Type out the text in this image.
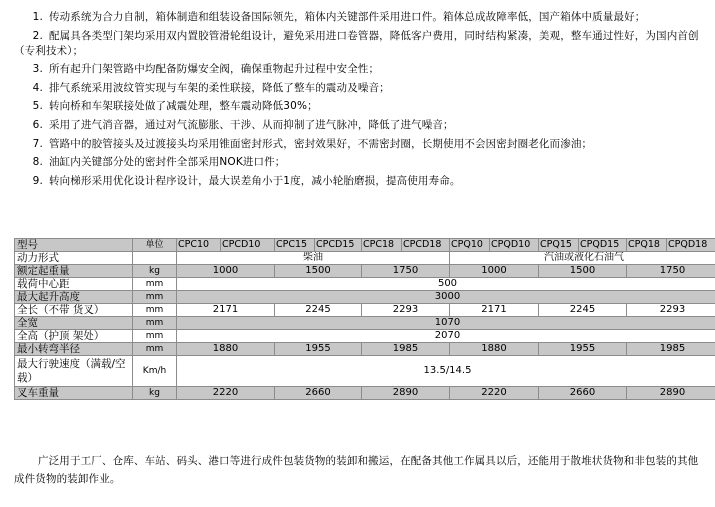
1. 传动系统为合力自制，箱体制造和组装设备国际领先，箱体内关键部件采用进口件。箱体总成故障率低，国产箱体中质量最好；
2. 配属具各类型门架均采用双内置胶管滑轮组设计，避免采用进口卷管器，降低客户费用，同时结构紧凑，美观，整车通过性好，为国内首创（专利技术）；
3. 所有起升门架管路中均配备防爆安全阀，确保重物起升过程中安全性；
4. 排气系统采用波纹管实现与车架的柔性联接，降低了整车的震动及噪音；
5. 转向桥和车架联接处做了减震处理，整车震动降低30%；
6. 采用了进气消音器，通过对气流膨胀、干涉、从而抑制了进气脉冲，降低了进气噪音；
7. 管路中的胶管接头及过渡接头均采用锥面密封形式，密封效果好，不需密封圈，长期使用不会因密封圈老化而渗油；
8. 油缸内关键部分处的密封件全部采用NOK进口件；
9. 转向梯形采用优化设计程序设计，最大误差角小于1度，减小轮胎磨损，提高使用寿命。
型号	单位	CPC10	CPCD10	CPC15	CPCD15	CPC18	CPCD18	CPQ10	CPQD10	CPQ15	CPQD15	CPQ18	CPQD18
动力形式		柴油						汽油或液化石油气					
额定起重量	kg	1000		1500		1750		1000		1500		1750	
载荷中心距	mm	500											
最大起升高度	mm	3000											
全长（不带 货叉）	mm	2171		2245		2293		2171		2245		2293	
全宽	mm	1070											
全高（护顶 架处）	mm	2070											
最小转弯半径	mm	1880		1955		1985		1880		1955		1985	
最大行驶速度（满载/空载）	Km/h	13.5/14.5											
叉车重量	kg	2220		2660		2890		2220		2660		2890	

广泛用于工厂、仓库、车站、码头、港口等进行成件包装货物的装卸和搬运，在配备其他工作属具以后，还能用于散堆状货物和非包装的其他成件货物的装卸作业。
